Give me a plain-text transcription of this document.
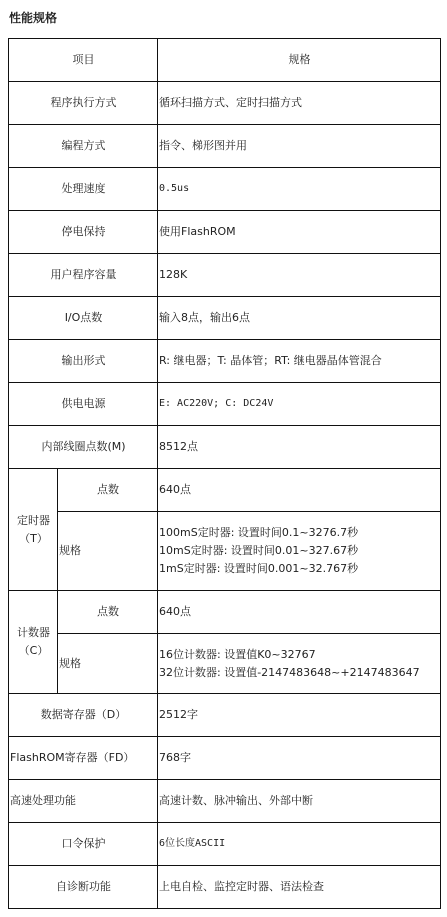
性能规格
项目		规格
程序执行方式		循环扫描方式、定时扫描方式
编程方式		指令、梯形图并用
处理速度		0.5us
停电保持		使用FlashROM
用户程序容量		128K
I/O点数		输入8点，输出6点
输出形式		R: 继电器；T: 晶体管；RT: 继电器晶体管混合
供电电源		E: AC220V; C: DC24V
内部线圈点数(M)		8512点

定时器
（T）	点数	640点
	规格	100mS定时器: 设置时间0.1~3276.7秒
10mS定时器: 设置时间0.01~327.67秒
1mS定时器: 设置时间0.001~32.767秒

计数器
（C）	点数	640点
	规格	16位计数器: 设置值K0~32767
32位计数器: 设置值-2147483648~+2147483647

数据寄存器（D）		2512字
FlashROM寄存器（FD）		768字
高速处理功能		高速计数、脉冲输出、外部中断
口令保护		6位长度ASCII
自诊断功能		上电自检、监控定时器、语法检查
